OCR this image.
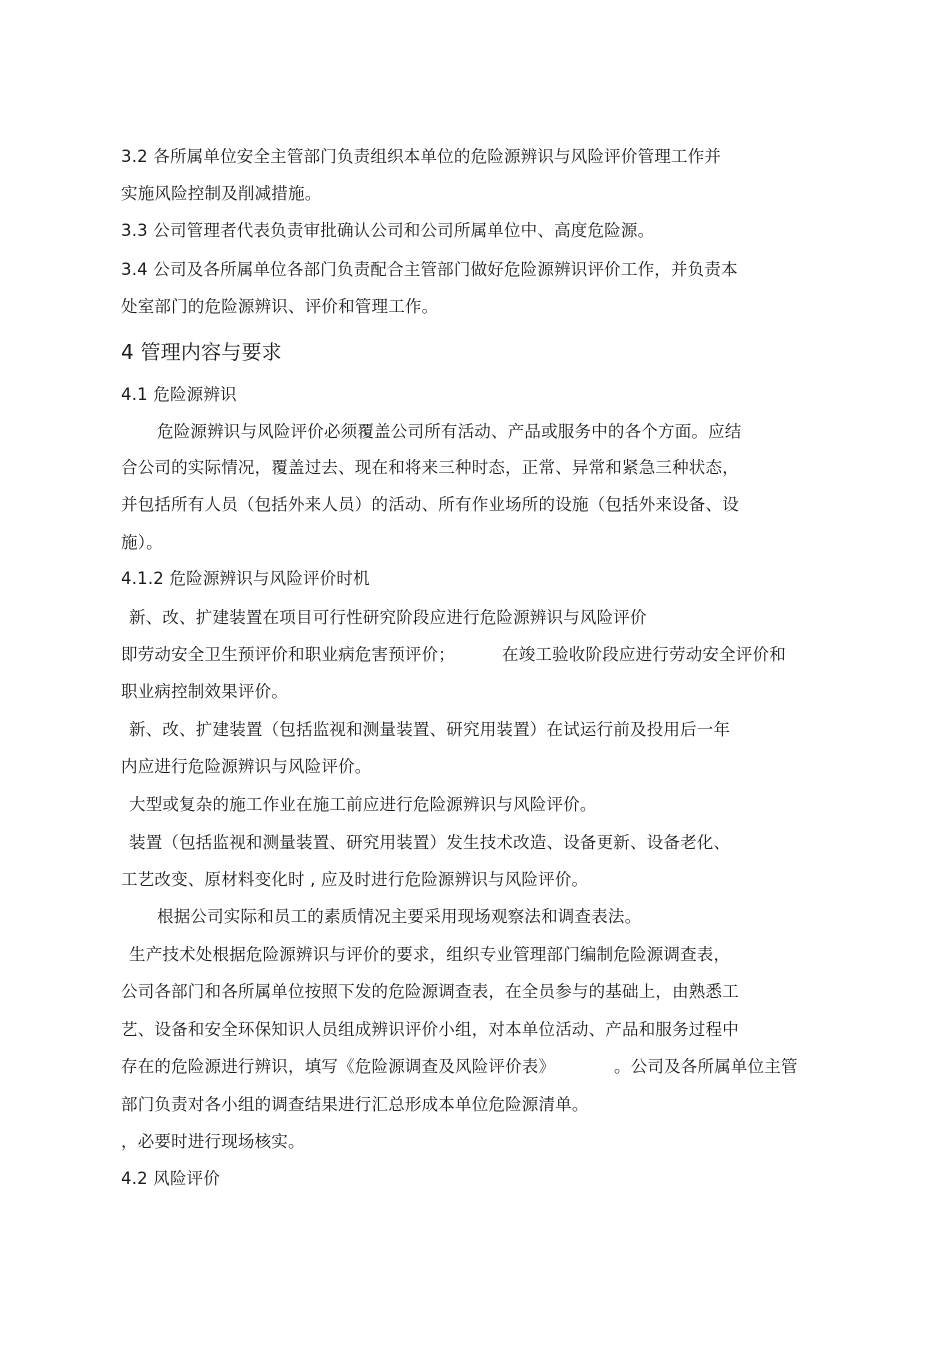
3.2 各所属单位安全主管部门负责组织本单位的危险源辨识与风险评价管理工作并
实施风险控制及削减措施。
3.3 公司管理者代表负责审批确认公司和公司所属单位中、高度危险源。
3.4 公司及各所属单位各部门负责配合主管部门做好危险源辨识评价工作，并负责本
处室部门的危险源辨识、评价和管理工作。
4 管理内容与要求
4.1 危险源辨识
危险源辨识与风险评价必须覆盖公司所有活动、产品或服务中的各个方面。应结
合公司的实际情况，覆盖过去、现在和将来三种时态，正常、异常和紧急三种状态，
并包括所有人员（包括外来人员）的活动、所有作业场所的设施（包括外来设备、设
施）。
4.1.2 危险源辨识与风险评价时机
新、改、扩建装置在项目可行性研究阶段应进行危险源辨识与风险评价
即劳动安全卫生预评价和职业病危害预评价；	在竣工验收阶段应进行劳动安全评价和
职业病控制效果评价。
新、改、扩建装置（包括监视和测量装置、研究用装置）在试运行前及投用后一年
内应进行危险源辨识与风险评价。
大型或复杂的施工作业在施工前应进行危险源辨识与风险评价。
装置（包括监视和测量装置、研究用装置）发生技术改造、设备更新、设备老化、
工艺改变、原材料变化时 , 应及时进行危险源辨识与风险评价。
根据公司实际和员工的素质情况主要采用现场观察法和调查表法。
生产技术处根据危险源辨识与评价的要求，组织专业管理部门编制危险源调查表，
公司各部门和各所属单位按照下发的危险源调查表，在全员参与的基础上，由熟悉工
艺、设备和安全环保知识人员组成辨识评价小组，对本单位活动、产品和服务过程中
存在的危险源进行辨识，填写《危险源调查及风险评价表》	。公司及各所属单位主管
部门负责对各小组的调查结果进行汇总形成本单位危险源清单。
，必要时进行现场核实。
4.2 风险评价
